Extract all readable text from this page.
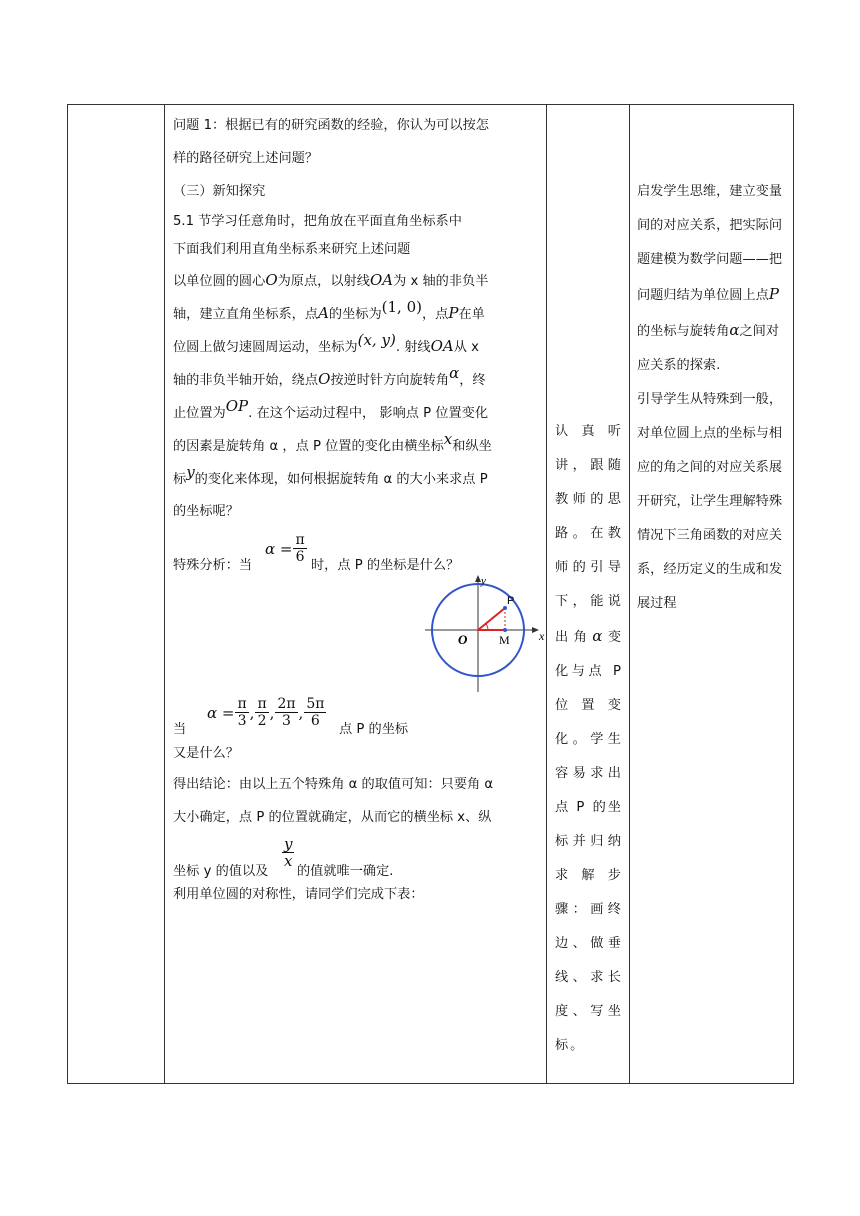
问题 1：根据已有的研究函数的经验，你认为可以按怎

样的路径研究上述问题？

（三）新知探究

5.1 节学习任意角时，把角放在平面直角坐标系中

下面我们利用直角坐标系来研究上述问题

以单位圆的圆心O为原点，以射线OA为 x 轴的非负半

轴，建立直角坐标系，点A的坐标为(1, 0)，点P在单

位圆上做匀速圆周运动，坐标为(x, y). 射线OA从 x

轴的非负半轴开始，绕点O按逆时针方向旋转角α，终

止位置为OP. 在这个运动过程中， 影响点 P 位置变化

的因素是旋转角 α ，点 P 位置的变化由横坐标x和纵坐

标y的变化来体现，如何根据旋转角 α 的大小来求点 P

的坐标呢？

特殊分析：当
$\alpha = \frac{\pi}{6}$
时，点 P 的坐标是什么？
y
x
O
P
M
当
$\alpha = \frac{\pi}{3}$ , $\frac{\pi}{2}$ , $\frac{2\pi}{3}$ , $\frac{5\pi}{6}$
点 P 的坐标

又是什么？

得出结论：由以上五个特殊角 α 的取值可知：只要角 α

大小确定，点 P 的位置就确定，从而它的横坐标 x、纵

坐标 y 的值以及
$\frac{y}{x}$
的值就唯一确定.

利用单位圆的对称性，请同学们完成下表：

认真听讲，跟随教师的思路。在教师的引导下，能说出角α变化与点 P 位置变化。学生容易求出点 P 的坐标并归纳求解步骤：画终边、做垂线、求长度、写坐标。

启发学生思维，建立变量间的对应关系，把实际问题建模为数学问题——把问题归结为单位圆上点P的坐标与旋转角α之间对应关系的探索.
引导学生从特殊到一般，对单位圆上点的坐标与相应的角之间的对应关系展开研究，让学生理解特殊情况下三角函数的对应关系，经历定义的生成和发展过程
